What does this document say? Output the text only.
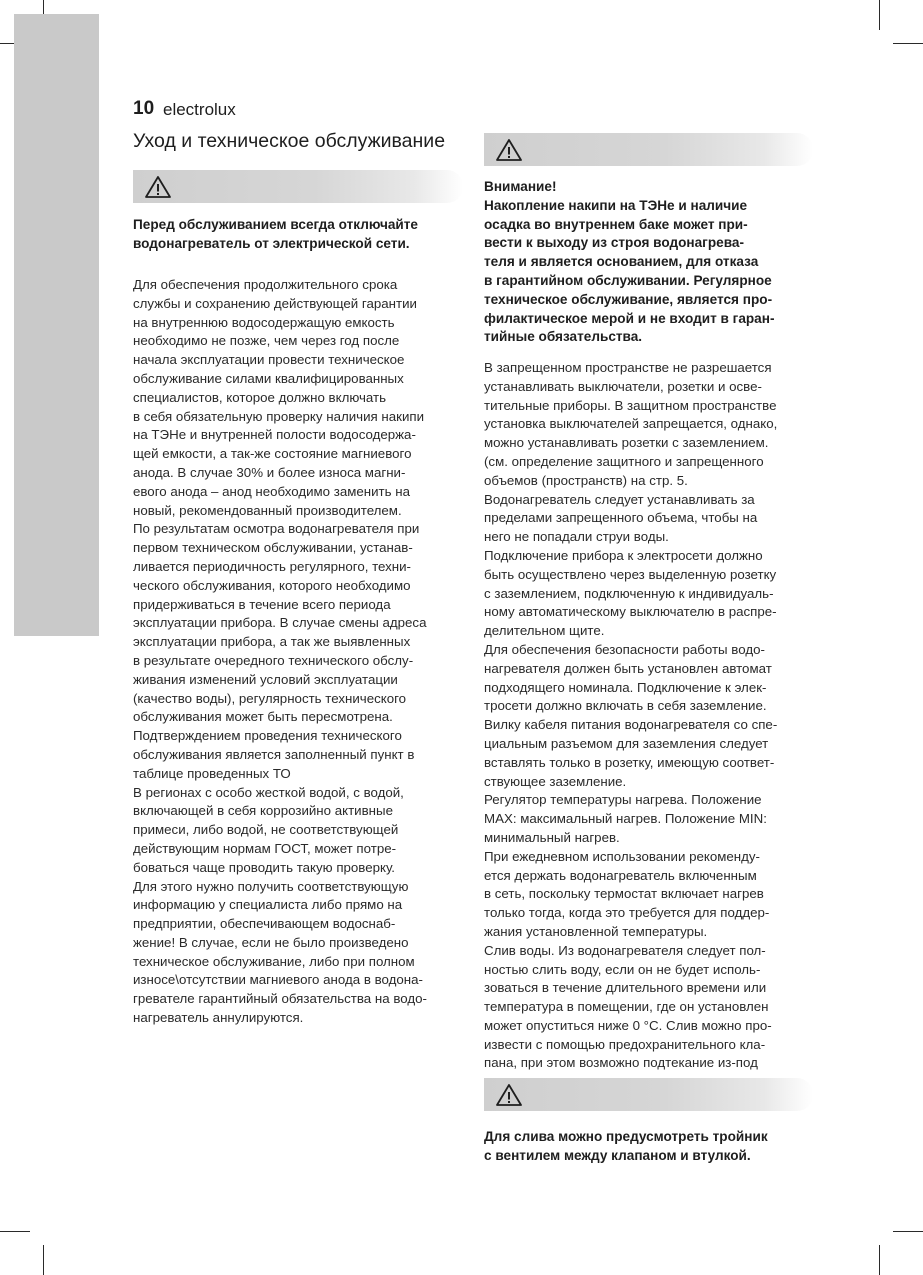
10 electrolux
Уход и техническое обслуживание
Перед обслуживанием всегда отключайте
водонагреватель от электрической сети.
Для обеспечения продолжительного срока
службы и сохранению действующей гарантии
на внутреннюю водосодержащую емкость
необходимо не позже, чем через год после
начала эксплуатации провести техническое
обслуживание силами квалифицированных
специалистов, которое должно включать
в себя обязательную проверку наличия накипи
на ТЭНе и внутренней полости водосодержа-
щей емкости, а так-же состояние магниевого
анода. В случае 30% и более износа магни-
евого анода – анод необходимо заменить на
новый, рекомендованный производителем.
По результатам осмотра водонагревателя при
первом техническом обслуживании, устанав-
ливается периодичность регулярного, техни-
ческого обслуживания, которого необходимо
придерживаться в течение всего периода
эксплуатации прибора. В случае смены адреса
эксплуатации прибора, а так же выявленных
в результате очередного технического обслу-
живания изменений условий эксплуатации
(качество воды), регулярность технического
обслуживания может быть пересмотрена.
Подтверждением проведения технического
обслуживания является заполненный пункт в
таблице проведенных ТО
В регионах с особо жесткой водой, с водой,
включающей в себя коррозийно активные
примеси, либо водой, не соответствующей
действующим нормам ГОСТ, может потре-
боваться чаще проводить такую проверку.
Для этого нужно получить соответствующую
информацию у специалиста либо прямо на
предприятии, обеспечивающем водоснаб-
жение! В случае, если не было произведено
техническое обслуживание, либо при полном
износе\отсутствии магниевого анода в водона-
гревателе гарантийный обязательства на водо-
нагреватель аннулируются.
Внимание!
Накопление накипи на ТЭНе и наличие
осадка во внутреннем баке может при-
вести к выходу из строя водонагрева-
теля и является основанием, для отказа
в гарантийном обслуживании. Регулярное
техническое обслуживание, является про-
филактическое мерой и не входит в гаран-
тийные обязательства.
В запрещенном пространстве не разрешается
устанавливать выключатели, розетки и осве-
тительные приборы. В защитном пространстве
установка выключателей запрещается, однако,
можно устанавливать розетки с заземлением.
(см. определение защитного и запрещенного
объемов (пространств) на стр. 5.
Водонагреватель следует устанавливать за
пределами запрещенного объема, чтобы на
него не попадали струи воды.
Подключение прибора к электросети должно
быть осуществлено через выделенную розетку
с заземлением, подключенную к индивидуаль-
ному автоматическому выключателю в распре-
делительном щите.
Для обеспечения безопасности работы водо-
нагревателя должен быть установлен автомат
подходящего номинала. Подключение к элек-
тросети должно включать в себя заземление.
Вилку кабеля питания водонагревателя со спе-
циальным разъемом для заземления следует
вставлять только в розетку, имеющую соответ-
ствующее заземление.
Регулятор температуры нагрева. Положение
MAX: максимальный нагрев. Положение MIN:
минимальный нагрев.
При ежедневном использовании рекоменду-
ется держать водонагреватель включенным
в сеть, поскольку термостат включает нагрев
только тогда, когда это требуется для поддер-
жания установленной температуры.
Слив воды. Из водонагревателя следует пол-
ностью слить воду, если он не будет исполь-
зоваться в течение длительного времени или
температура в помещении, где он установлен
может опуститься ниже 0 °C. Слив можно про-
извести с помощью предохранительного кла-
пана, при этом возможно подтекание из-под
Для слива можно предусмотреть тройник
с вентилем между клапаном и втулкой.
